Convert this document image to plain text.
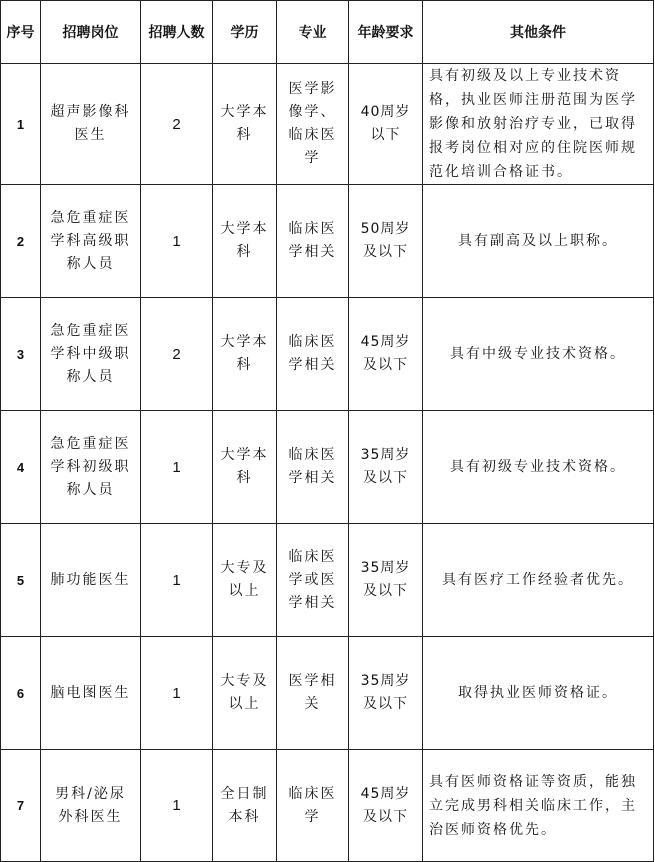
序号	招聘岗位	招聘人数	学历	专业	年龄要求	其他条件
1	超声影像科医生	2	大学本科	医学影像学、临床医学	40周岁以下	具有初级及以上专业技术资格，执业医师注册范围为医学影像和放射治疗专业，已取得报考岗位相对应的住院医师规范化培训合格证书。
2	急危重症医学科高级职称人员	1	大学本科	临床医学相关	50周岁及以下	具有副高及以上职称。
3	急危重症医学科中级职称人员	2	大学本科	临床医学相关	45周岁及以下	具有中级专业技术资格。
4	急危重症医学科初级职称人员	1	大学本科	临床医学相关	35周岁及以下	具有初级专业技术资格。
5	肺功能医生	1	大专及以上	临床医学或医学相关	35周岁及以下	具有医疗工作经验者优先。
6	脑电图医生	1	大专及以上	医学相关	35周岁及以下	取得执业医师资格证。
7	男科/泌尿外科医生	1	全日制本科	临床医学	45周岁及以下	具有医师资格证等资质，能独立完成男科相关临床工作，主治医师资格优先。
